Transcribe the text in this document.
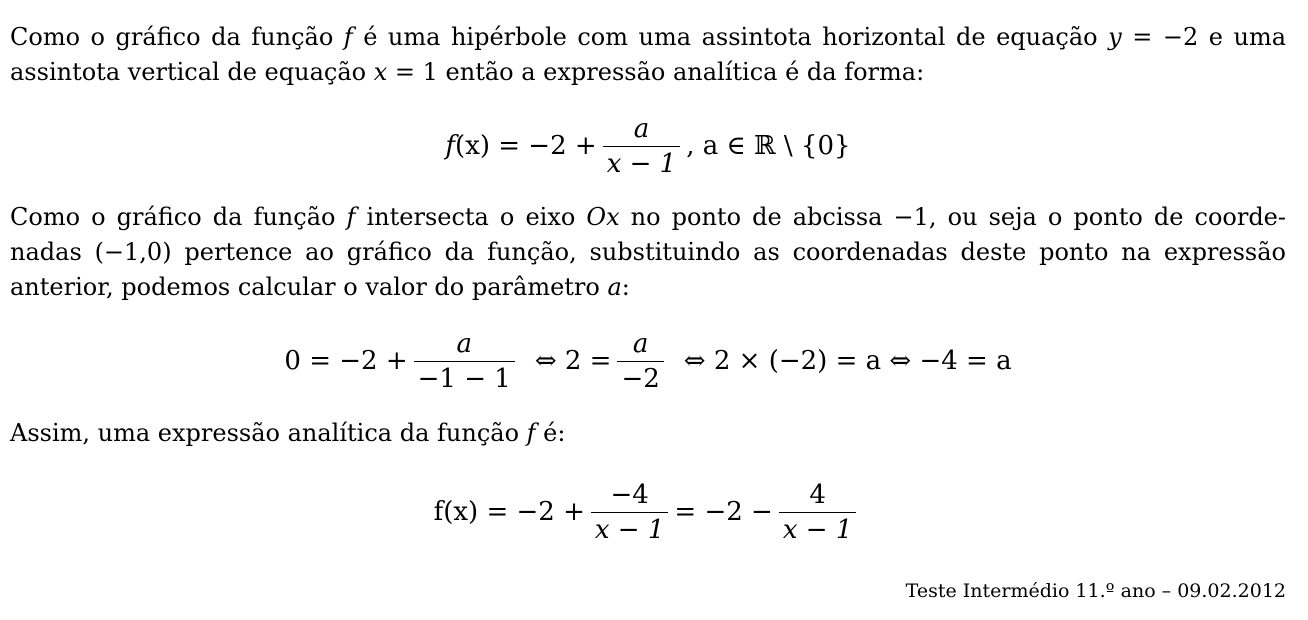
Como o gráfico da função f é uma hipérbole com uma assintota horizontal de equação y = −2 e uma
assintota vertical de equação x = 1 então a expressão analítica é da forma:
f $(x) = -2 + \frac{a}{x - 1}$ , a ∈ ℝ \ {0}
Como o gráfico da função f intersecta o eixo Ox no ponto de abcissa −1, ou seja o ponto de coorde-
nadas (−1,0) pertence ao gráfico da função, substituindo as coordenadas deste ponto na expressão
anterior, podemos calcular o valor do parâmetro a:
$0 = -2 + \frac{a}{-1 - 1}$ ⇔ $2 = \frac{a}{-2}$ ⇔ 2 × (−2) = a ⇔ −4 = a
Assim, uma expressão analítica da função f é:
$f(x) = -2 + \frac{-4}{x - 1} = -2 - \frac{4}{x - 1}$
Teste Intermédio 11.º ano – 09.02.2012
